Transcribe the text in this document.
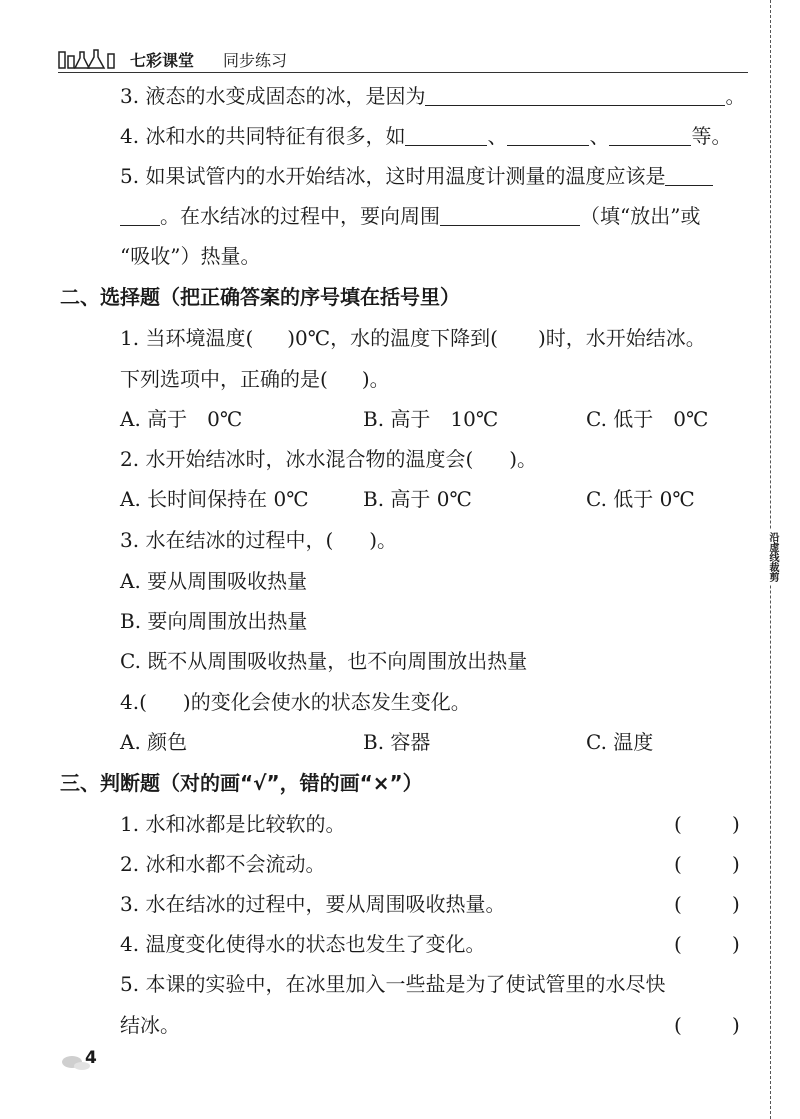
七彩课堂 同步练习
沿虚线裁剪
3. 液态的水变成固态的冰，是因为	。
4. 冰和水的共同特征有很多，如	、	、	等。
5. 如果试管内的水开始结冰，这时用温度计测量的温度应该是
。在水结冰的过程中，要向周围	（填“放出”或
“吸收”）热量。
二、选择题（把正确答案的序号填在括号里）
1. 当环境温度( )0℃，水的温度下降到( )时，水开始结冰。
下列选项中，正确的是( )。
A. 高于　0℃	B. 高于　10℃	C. 低于　0℃
2. 水开始结冰时，冰水混合物的温度会( )。
A. 长时间保持在 0℃	B. 高于 0℃	C. 低于 0℃
3. 水在结冰的过程中，( )。
A. 要从周围吸收热量
B. 要向周围放出热量
C. 既不从周围吸收热量，也不向周围放出热量
4.( )的变化会使水的状态发生变化。
A. 颜色	B. 容器	C. 温度
三、判断题（对的画“√”，错的画“×”）
1. 水和冰都是比较软的。	(	)
2. 冰和水都不会流动。	(	)
3. 水在结冰的过程中，要从周围吸收热量。	(	)
4. 温度变化使得水的状态也发生了变化。	(	)
5. 本课的实验中，在冰里加入一些盐是为了使试管里的水尽快
结冰。	(	)
4
